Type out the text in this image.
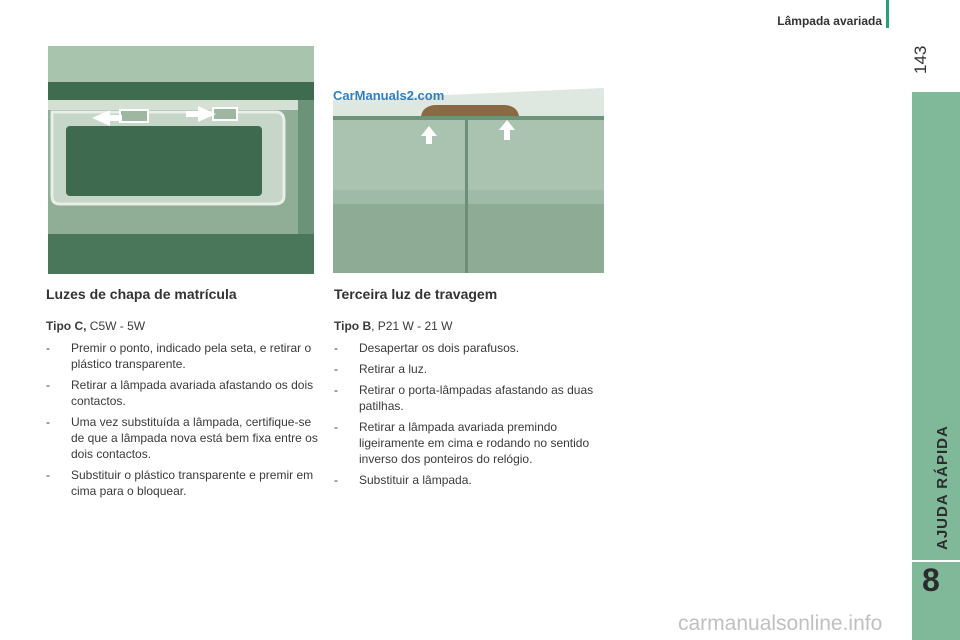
Lâmpada avariada
143
AJUDA RÁPIDA
8
CarManuals2.com
Luzes de chapa de matrícula
Tipo C, C5W - 5W
- Premir o ponto, indicado pela seta, e retirar o plástico transparente.
- Retirar a lâmpada avariada afastando os dois contactos.
- Uma vez substituída a lâmpada, certifique-se de que a lâmpada nova está bem fixa entre os dois contactos.
- Substituir o plástico transparente e premir em cima para o bloquear.
Terceira luz de travagem
Tipo B, P21 W - 21 W
- Desapertar os dois parafusos.
- Retirar a luz.
- Retirar o porta-lâmpadas afastando as duas patilhas.
- Retirar a lâmpada avariada premindo ligeiramente em cima e rodando no sentido inverso dos ponteiros do relógio.
- Substituir a lâmpada.
carmanualsonline.info
